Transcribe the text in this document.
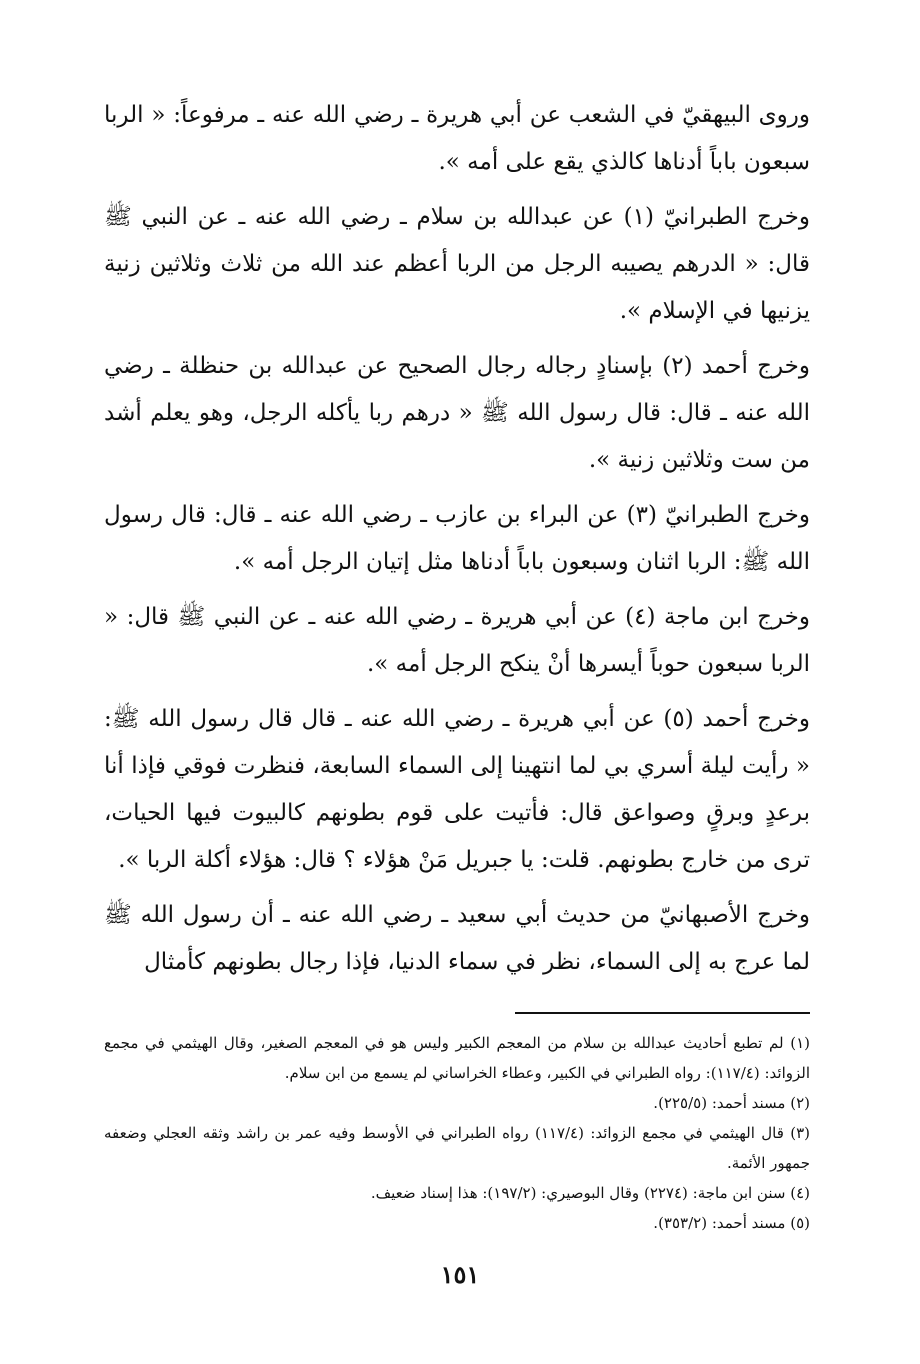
وروى البيهقيّ في الشعب عن أبي هريرة ـ رضي الله عنه ـ مرفوعاً: « الربا سبعون باباً أدناها كالذي يقع على أمه ».

وخرج الطبرانيّ (١) عن عبدالله بن سلام ـ رضي الله عنه ـ عن النبي ﷺ قال: « الدرهم يصيبه الرجل من الربا أعظم عند الله من ثلاث وثلاثين زنية يزنيها في الإسلام ».

وخرج أحمد (٢) بإسنادٍ رجاله رجال الصحيح عن عبدالله بن حنظلة ـ رضي الله عنه ـ قال: قال رسول الله ﷺ « درهم ربا يأكله الرجل، وهو يعلم أشد من ست وثلاثين زنية ».

وخرج الطبرانيّ (٣) عن البراء بن عازب ـ رضي الله عنه ـ قال: قال رسول الله ﷺ: الربا اثنان وسبعون باباً أدناها مثل إتيان الرجل أمه ».

وخرج ابن ماجة (٤) عن أبي هريرة ـ رضي الله عنه ـ عن النبي ﷺ قال: « الربا سبعون حوباً أيسرها أنْ ينكح الرجل أمه ».

وخرج أحمد (٥) عن أبي هريرة ـ رضي الله عنه ـ قال قال رسول الله ﷺ: « رأيت ليلة أسري بي لما انتهينا إلى السماء السابعة، فنظرت فوقي فإذا أنا برعدٍ وبرقٍ وصواعق قال: فأتيت على قوم بطونهم كالبيوت فيها الحيات، ترى من خارج بطونهم. قلت: يا جبريل مَنْ هؤلاء ؟ قال: هؤلاء أكلة الربا ».

وخرج الأصبهانيّ من حديث أبي سعيد ـ رضي الله عنه ـ أن رسول الله ﷺ لما عرج به إلى السماء، نظر في سماء الدنيا، فإذا رجال بطونهم كأمثال

(١) لم تطبع أحاديث عبدالله بن سلام من المعجم الكبير وليس هو في المعجم الصغير، وقال الهيثمي في مجمع الزوائد: (١١٧/٤): رواه الطبراني في الكبير، وعطاء الخراساني لم يسمع من ابن سلام.

(٢) مسند أحمد: (٢٢٥/٥).

(٣) قال الهيثمي في مجمع الزوائد: (١١٧/٤) رواه الطبراني في الأوسط وفيه عمر بن راشد وثقه العجلي وضعفه جمهور الأئمة.

(٤) سنن ابن ماجة: (٢٢٧٤) وقال البوصيري: (١٩٧/٢): هذا إسناد ضعيف.

(٥) مسند أحمد: (٣٥٣/٢).

١٥١
